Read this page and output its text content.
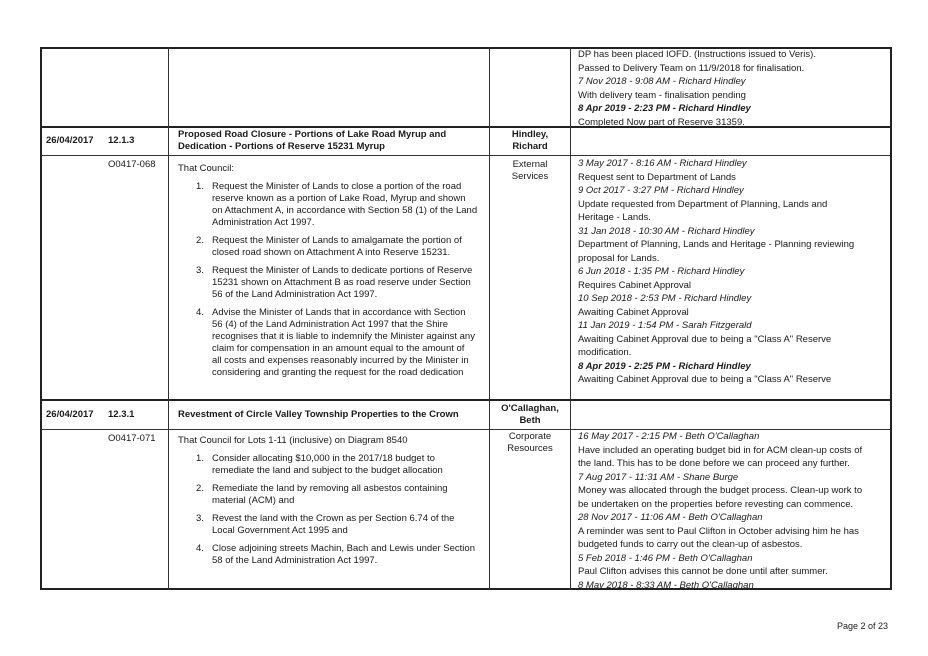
DP has been placed IOFD. (Instructions issued to Veris).
Passed to Delivery Team on 11/9/2018 for finalisation.
7 Nov 2018 - 9:08 AM - Richard Hindley
With delivery team - finalisation pending
8 Apr 2019 - 2:23 PM - Richard Hindley
Completed Now part of Reserve 31359.
26/04/2017 12.1.3
Proposed Road Closure - Portions of Lake Road Myrup and
Dedication - Portions of Reserve 15231 Myrup
Hindley,
Richard
O0417-068 That Council:
1. Request the Minister of Lands to close a portion of the road
reserve known as a portion of Lake Road, Myrup and shown
on Attachment A, in accordance with Section 58 (1) of the Land
Administration Act 1997.
2. Request the Minister of Lands to amalgamate the portion of
closed road shown on Attachment A into Reserve 15231.
3. Request the Minister of Lands to dedicate portions of Reserve
15231 shown on Attachment B as road reserve under Section
56 of the Land Administration Act 1997.
4. Advise the Minister of Lands that in accordance with Section
56 (4) of the Land Administration Act 1997 that the Shire
recognises that it is liable to indemnify the Minister against any
claim for compensation in an amount equal to the amount of
all costs and expenses reasonably incurred by the Minister in
considering and granting the request for the road dedication
External
Services
3 May 2017 - 8:16 AM - Richard Hindley
Request sent to Department of Lands
9 Oct 2017 - 3:27 PM - Richard Hindley
Update requested from Department of Planning, Lands and
Heritage - Lands.
31 Jan 2018 - 10:30 AM - Richard Hindley
Department of Planning, Lands and Heritage - Planning reviewing
proposal for Lands.
6 Jun 2018 - 1:35 PM - Richard Hindley
Requires Cabinet Approval
10 Sep 2018 - 2:53 PM - Richard Hindley
Awaiting Cabinet Approval
11 Jan 2019 - 1:54 PM - Sarah Fitzgerald
Awaiting Cabinet Approval due to being a "Class A" Reserve
modification.
8 Apr 2019 - 2:25 PM - Richard Hindley
Awaiting Cabinet Approval due to being a "Class A" Reserve
26/04/2017 12.3.1	Revestment of Circle Valley Township Properties to the Crown
O'Callaghan,
Beth
O0417-071 That Council for Lots 1-11 (inclusive) on Diagram 8540
1. Consider allocating $10,000 in the 2017/18 budget to
remediate the land and subject to the budget allocation
2. Remediate the land by removing all asbestos containing
material (ACM) and
3. Revest the land with the Crown as per Section 6.74 of the
Local Government Act 1995 and
4. Close adjoining streets Machin, Bach and Lewis under Section
58 of the Land Administration Act 1997.
Corporate
Resources
16 May 2017 - 2:15 PM - Beth O'Callaghan
Have included an operating budget bid in for ACM clean-up costs of
the land. This has to be done before we can proceed any further.
7 Aug 2017 - 11:31 AM - Shane Burge
Money was allocated through the budget process. Clean-up work to
be undertaken on the properties before revesting can commence.
28 Nov 2017 - 11:06 AM - Beth O'Callaghan
A reminder was sent to Paul Clifton in October advising him he has
budgeted funds to carry out the clean-up of asbestos.
5 Feb 2018 - 1:46 PM - Beth O'Callaghan
Paul Clifton advises this cannot be done until after summer.
8 May 2018 - 8:33 AM - Beth O'Callaghan
Page 2 of 23
